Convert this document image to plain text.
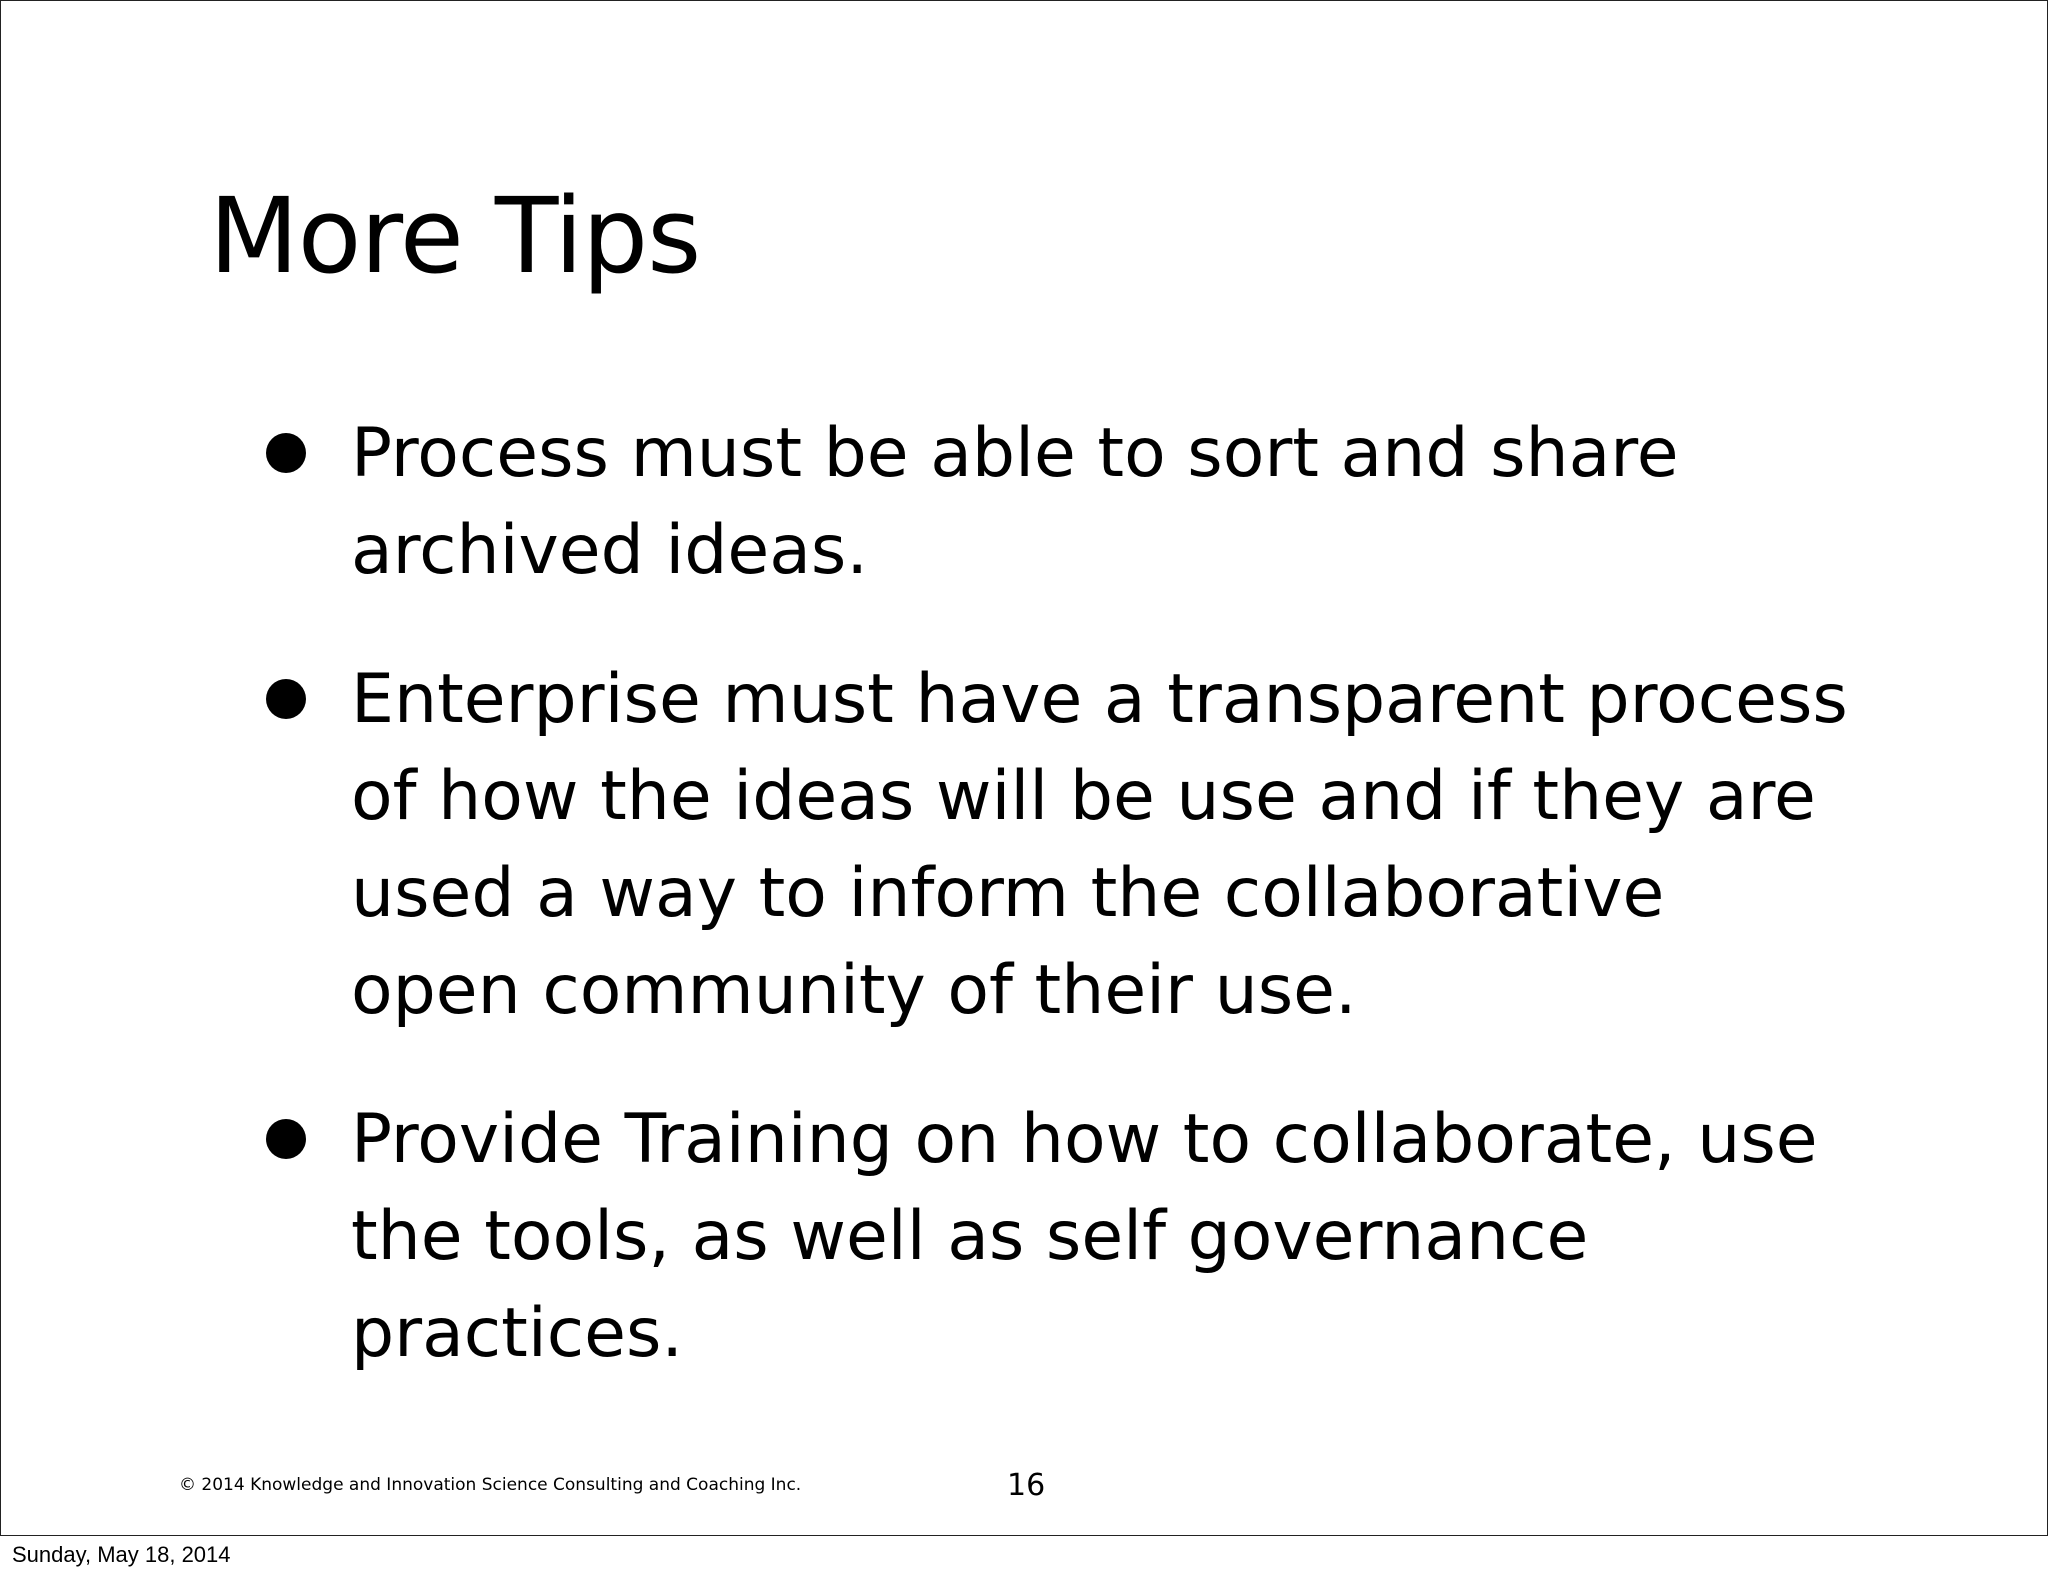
More Tips
Process must be able to sort and share
archived ideas.
Enterprise must have a transparent process
of how the ideas will be use and if they are
used a way to inform the collaborative
open community of their use.
Provide Training on how to collaborate, use
the tools, as well as self governance
practices.
© 2014 Knowledge and Innovation Science Consulting and Coaching Inc.	16
Sunday, May 18, 2014
